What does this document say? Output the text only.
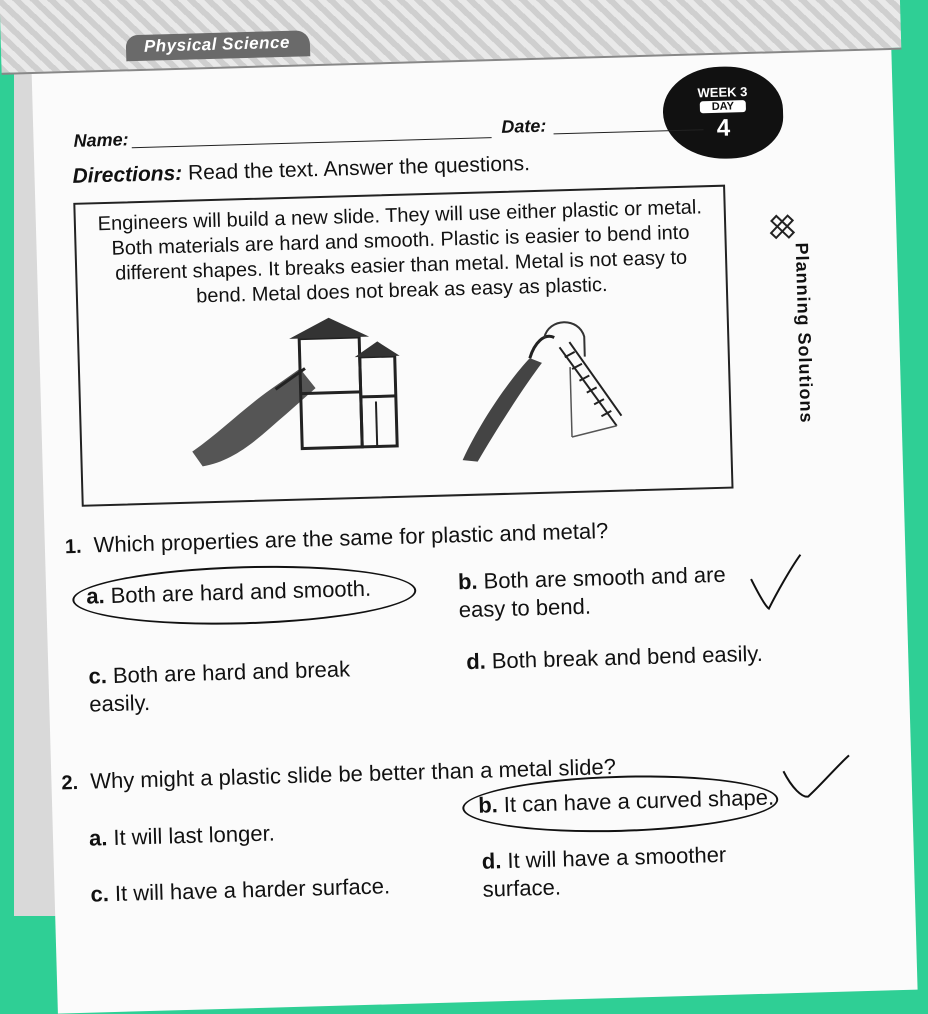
Physical Science
WEEK 3
DAY
4
Name:
Date:
Directions: Read the text. Answer the questions.
Engineers will build a new slide. They will use either plastic or metal. Both materials are hard and smooth. Plastic is easier to bend into different shapes. It breaks easier than metal. Metal is not easy to bend. Metal does not break as easy as plastic.	Planning Solutions
1. Which properties are the same for plastic and metal?
a. Both are hard and smooth.	b. Both are smooth and are easy to bend.
c. Both are hard and break easily.
d. Both break and bend easily.
2. Why might a plastic slide be better than a metal slide?
a. It will last longer.
b. It can have a curved shape.
c. It will have a harder surface.
d. It will have a smoother surface.
